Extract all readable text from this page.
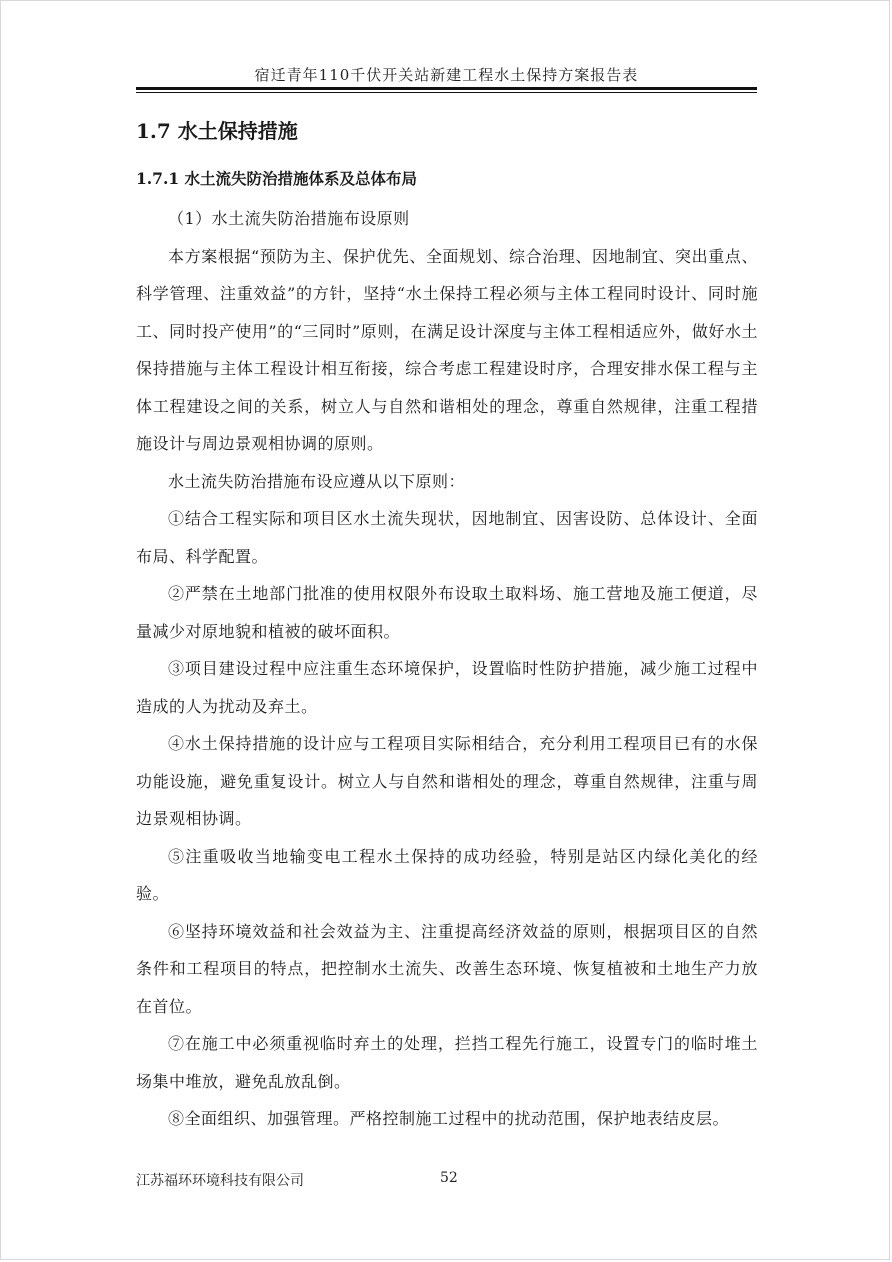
宿迁青年110千伏开关站新建工程水土保持方案报告表
1.7 水土保持措施
1.7.1 水土流失防治措施体系及总体布局

（1）水土流失防治措施布设原则

本方案根据“预防为主、保护优先、全面规划、综合治理、因地制宜、突出重点、科学管理、注重效益”的方针，坚持“水土保持工程必须与主体工程同时设计、同时施工、同时投产使用”的“三同时”原则，在满足设计深度与主体工程相适应外，做好水土保持措施与主体工程设计相互衔接，综合考虑工程建设时序，合理安排水保工程与主体工程建设之间的关系，树立人与自然和谐相处的理念，尊重自然规律，注重工程措施设计与周边景观相协调的原则。

水土流失防治措施布设应遵从以下原则：

①结合工程实际和项目区水土流失现状，因地制宜、因害设防、总体设计、全面布局、科学配置。

②严禁在土地部门批准的使用权限外布设取土取料场、施工营地及施工便道，尽量减少对原地貌和植被的破坏面积。

③项目建设过程中应注重生态环境保护，设置临时性防护措施，减少施工过程中造成的人为扰动及弃土。

④水土保持措施的设计应与工程项目实际相结合，充分利用工程项目已有的水保功能设施，避免重复设计。树立人与自然和谐相处的理念，尊重自然规律，注重与周边景观相协调。

⑤注重吸收当地输变电工程水土保持的成功经验，特别是站区内绿化美化的经验。

⑥坚持环境效益和社会效益为主、注重提高经济效益的原则，根据项目区的自然条件和工程项目的特点，把控制水土流失、改善生态环境、恢复植被和土地生产力放在首位。

⑦在施工中必须重视临时弃土的处理，拦挡工程先行施工，设置专门的临时堆土场集中堆放，避免乱放乱倒。

⑧全面组织、加强管理。严格控制施工过程中的扰动范围，保护地表结皮层。

江苏福环环境科技有限公司	52
